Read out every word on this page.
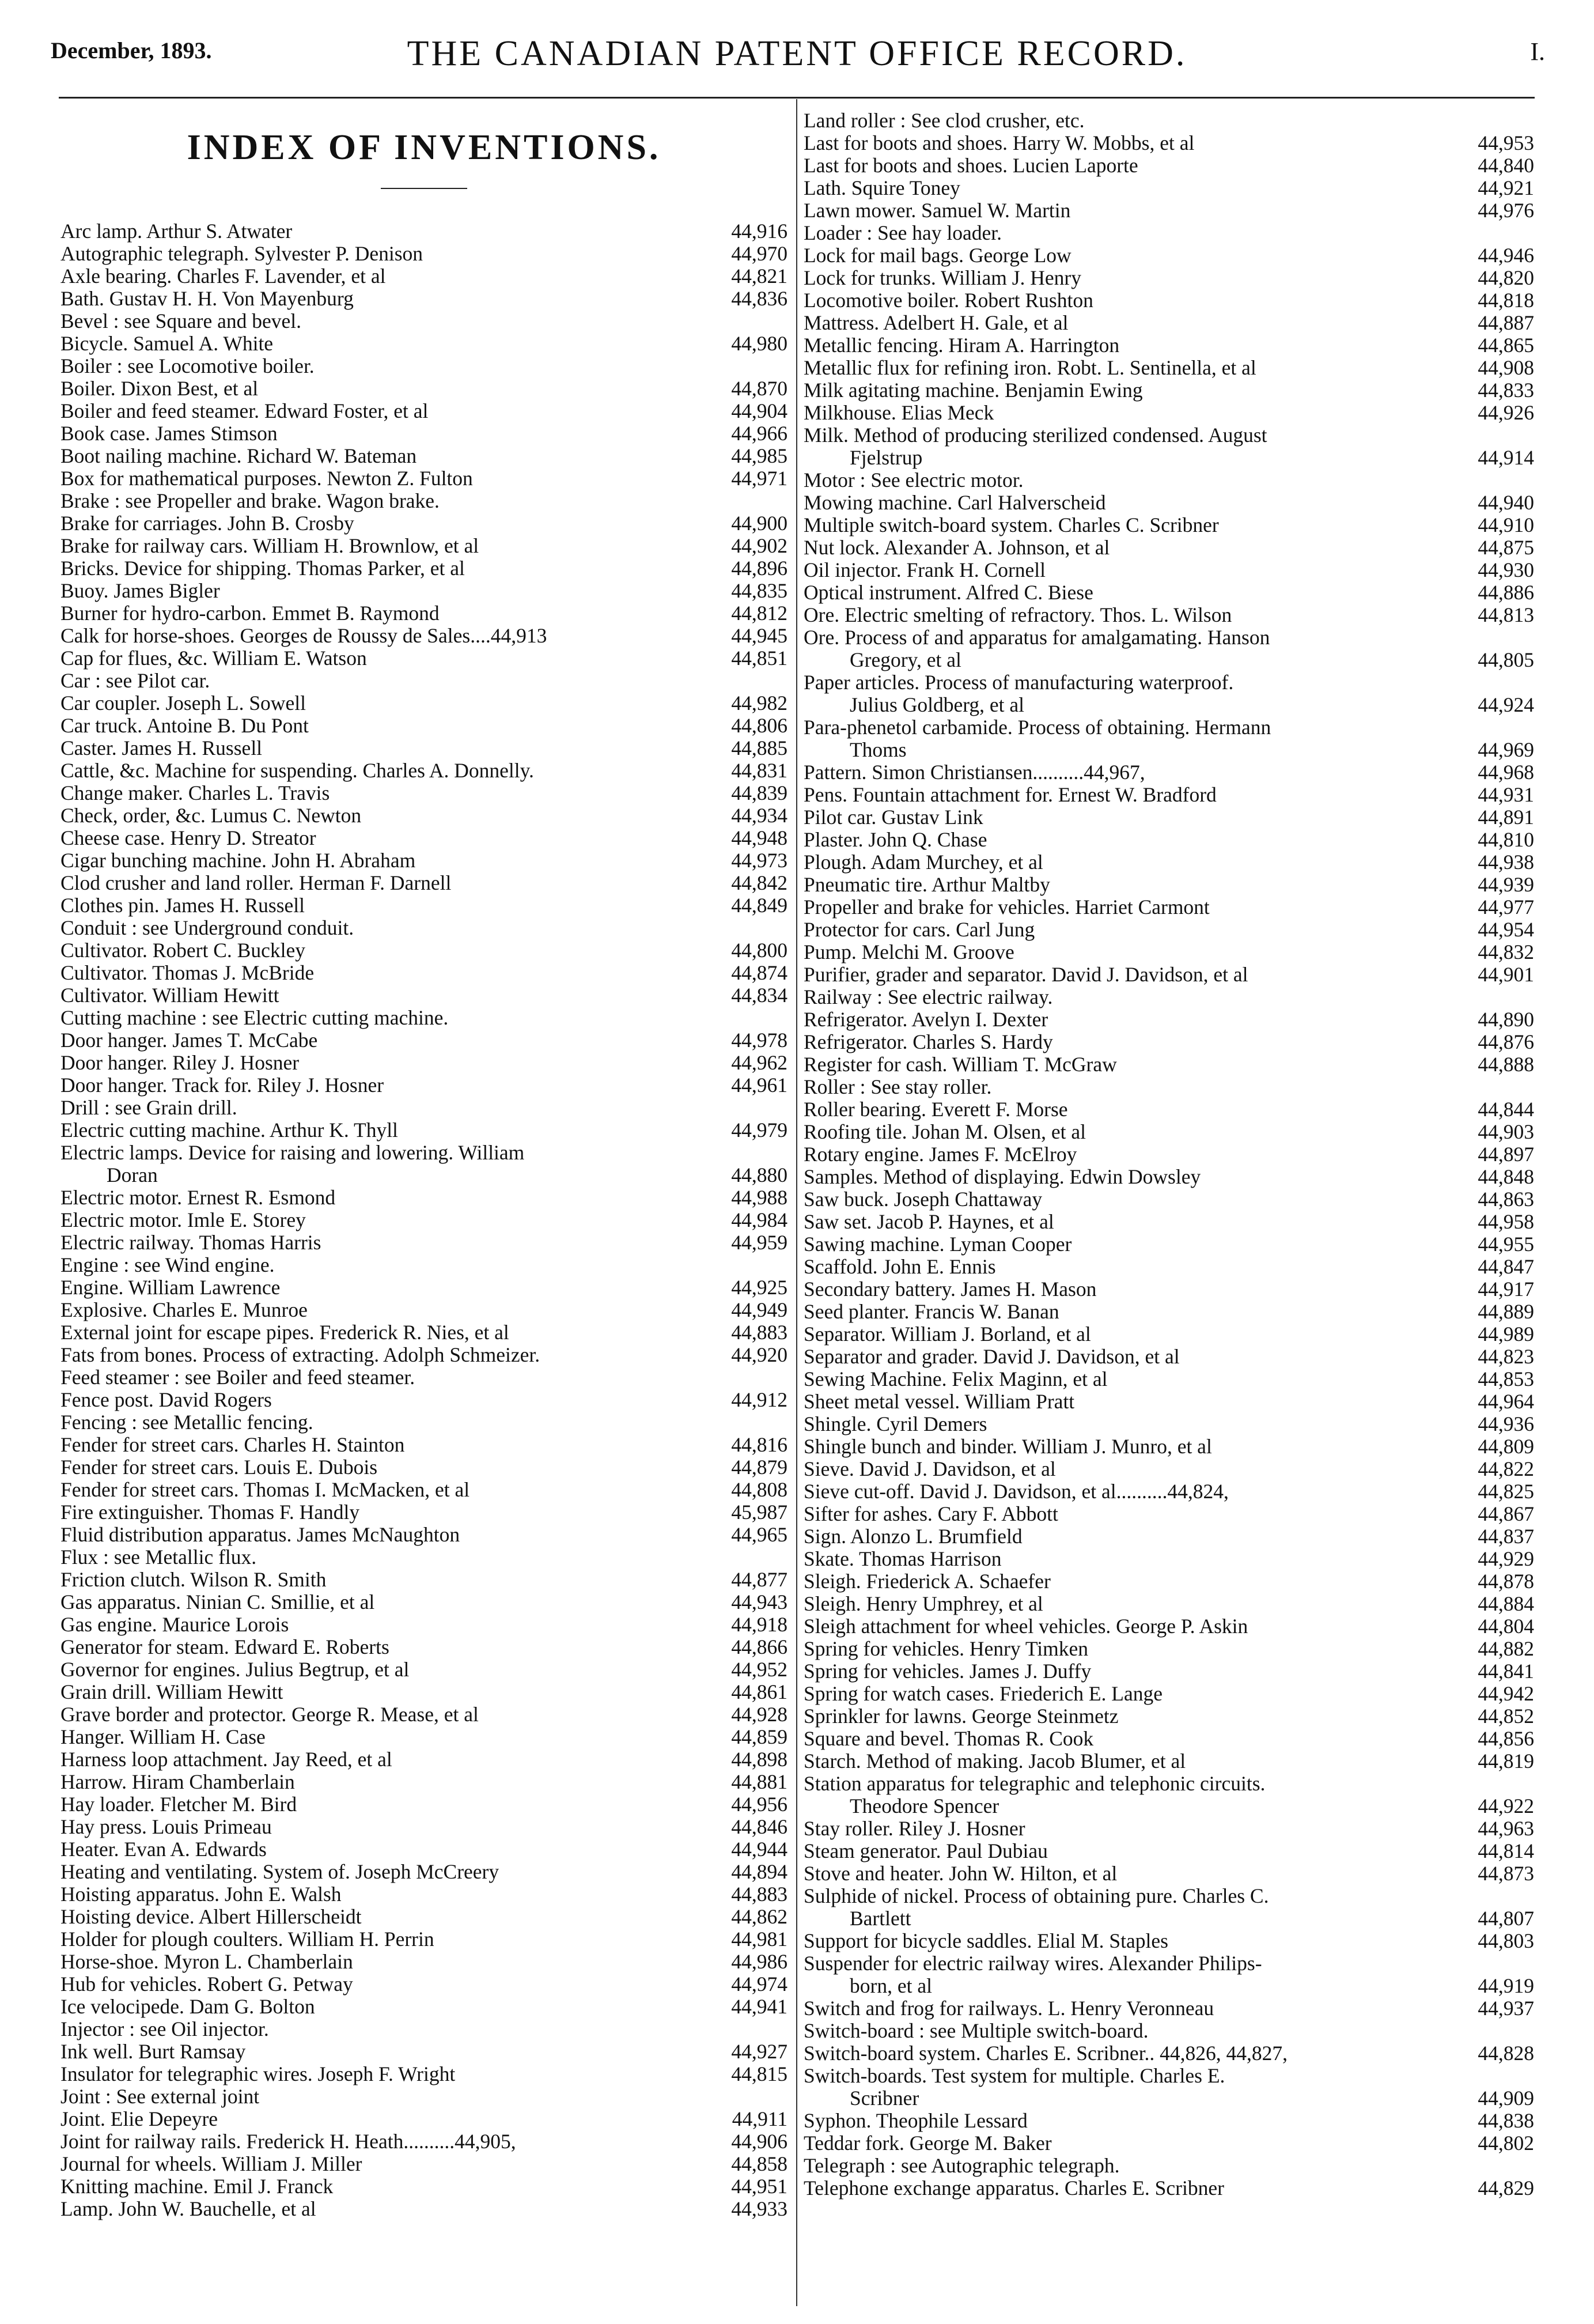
December, 1893.	THE CANADIAN PATENT OFFICE RECORD.	I.
INDEX OF INVENTIONS.
Arc lamp. Arthur S. Atwater	44,916
Autographic telegraph. Sylvester P. Denison	44,970
Axle bearing. Charles F. Lavender, et al	44,821
Bath. Gustav H. H. Von Mayenburg	44,836
Bevel : see Square and bevel.
Bicycle. Samuel A. White	44,980
Boiler : see Locomotive boiler.
Boiler. Dixon Best, et al	44,870
Boiler and feed steamer. Edward Foster, et al	44,904
Book case. James Stimson	44,966
Boot nailing machine. Richard W. Bateman	44,985
Box for mathematical purposes. Newton Z. Fulton	44,971
Brake : see Propeller and brake. Wagon brake.
Brake for carriages. John B. Crosby	44,900
Brake for railway cars. William H. Brownlow, et al	44,902
Bricks. Device for shipping. Thomas Parker, et al	44,896
Buoy. James Bigler	44,835
Burner for hydro-carbon. Emmet B. Raymond	44,812
Calk for horse-shoes. Georges de Roussy de Sales....44,913	44,945
Cap for flues, &c. William E. Watson	44,851
Car : see Pilot car.
Car coupler. Joseph L. Sowell	44,982
Car truck. Antoine B. Du Pont	44,806
Caster. James H. Russell	44,885
Cattle, &c. Machine for suspending. Charles A. Donnelly.	44,831
Change maker. Charles L. Travis	44,839
Check, order, &c. Lumus C. Newton	44,934
Cheese case. Henry D. Streator	44,948
Cigar bunching machine. John H. Abraham	44,973
Clod crusher and land roller. Herman F. Darnell	44,842
Clothes pin. James H. Russell	44,849
Conduit : see Underground conduit.
Cultivator. Robert C. Buckley	44,800
Cultivator. Thomas J. McBride	44,874
Cultivator. William Hewitt	44,834
Cutting machine : see Electric cutting machine.
Door hanger. James T. McCabe	44,978
Door hanger. Riley J. Hosner	44,962
Door hanger. Track for. Riley J. Hosner	44,961
Drill : see Grain drill.
Electric cutting machine. Arthur K. Thyll	44,979
Electric lamps. Device for raising and lowering. William
Doran	44,880
Electric motor. Ernest R. Esmond	44,988
Electric motor. Imle E. Storey	44,984
Electric railway. Thomas Harris	44,959
Engine : see Wind engine.
Engine. William Lawrence	44,925
Explosive. Charles E. Munroe	44,949
External joint for escape pipes. Frederick R. Nies, et al	44,883
Fats from bones. Process of extracting. Adolph Schmeizer.	44,920
Feed steamer : see Boiler and feed steamer.
Fence post. David Rogers	44,912
Fencing : see Metallic fencing.
Fender for street cars. Charles H. Stainton	44,816
Fender for street cars. Louis E. Dubois	44,879
Fender for street cars. Thomas I. McMacken, et al	44,808
Fire extinguisher. Thomas F. Handly	45,987
Fluid distribution apparatus. James McNaughton	44,965
Flux : see Metallic flux.
Friction clutch. Wilson R. Smith	44,877
Gas apparatus. Ninian C. Smillie, et al	44,943
Gas engine. Maurice Lorois	44,918
Generator for steam. Edward E. Roberts	44,866
Governor for engines. Julius Begtrup, et al	44,952
Grain drill. William Hewitt	44,861
Grave border and protector. George R. Mease, et al	44,928
Hanger. William H. Case	44,859
Harness loop attachment. Jay Reed, et al	44,898
Harrow. Hiram Chamberlain	44,881
Hay loader. Fletcher M. Bird	44,956
Hay press. Louis Primeau	44,846
Heater. Evan A. Edwards	44,944
Heating and ventilating. System of. Joseph McCreery	44,894
Hoisting apparatus. John E. Walsh	44,883
Hoisting device. Albert Hillerscheidt	44,862
Holder for plough coulters. William H. Perrin	44,981
Horse-shoe. Myron L. Chamberlain	44,986
Hub for vehicles. Robert G. Petway	44,974
Ice velocipede. Dam G. Bolton	44,941
Injector : see Oil injector.
Ink well. Burt Ramsay	44,927
Insulator for telegraphic wires. Joseph F. Wright	44,815
Joint : See external joint
Joint. Elie Depeyre	44,911
Joint for railway rails. Frederick H. Heath..........44,905,	44,906
Journal for wheels. William J. Miller	44,858
Knitting machine. Emil J. Franck	44,951
Lamp. John W. Bauchelle, et al	44,933
Land roller : See clod crusher, etc.
Last for boots and shoes. Harry W. Mobbs, et al	44,953
Last for boots and shoes. Lucien Laporte	44,840
Lath. Squire Toney	44,921
Lawn mower. Samuel W. Martin	44,976
Loader : See hay loader.
Lock for mail bags. George Low	44,946
Lock for trunks. William J. Henry	44,820
Locomotive boiler. Robert Rushton	44,818
Mattress. Adelbert H. Gale, et al	44,887
Metallic fencing. Hiram A. Harrington	44,865
Metallic flux for refining iron. Robt. L. Sentinella, et al	44,908
Milk agitating machine. Benjamin Ewing	44,833
Milkhouse. Elias Meck	44,926
Milk. Method of producing sterilized condensed. August
Fjelstrup	44,914
Motor : See electric motor.
Mowing machine. Carl Halverscheid	44,940
Multiple switch-board system. Charles C. Scribner	44,910
Nut lock. Alexander A. Johnson, et al	44,875
Oil injector. Frank H. Cornell	44,930
Optical instrument. Alfred C. Biese	44,886
Ore. Electric smelting of refractory. Thos. L. Wilson	44,813
Ore. Process of and apparatus for amalgamating. Hanson
Gregory, et al	44,805
Paper articles. Process of manufacturing waterproof.
Julius Goldberg, et al	44,924
Para-phenetol carbamide. Process of obtaining. Hermann
Thoms	44,969
Pattern. Simon Christiansen..........44,967,	44,968
Pens. Fountain attachment for. Ernest W. Bradford	44,931
Pilot car. Gustav Link	44,891
Plaster. John Q. Chase	44,810
Plough. Adam Murchey, et al	44,938
Pneumatic tire. Arthur Maltby	44,939
Propeller and brake for vehicles. Harriet Carmont	44,977
Protector for cars. Carl Jung	44,954
Pump. Melchi M. Groove	44,832
Purifier, grader and separator. David J. Davidson, et al	44,901
Railway : See electric railway.
Refrigerator. Avelyn I. Dexter	44,890
Refrigerator. Charles S. Hardy	44,876
Register for cash. William T. McGraw	44,888
Roller : See stay roller.
Roller bearing. Everett F. Morse	44,844
Roofing tile. Johan M. Olsen, et al	44,903
Rotary engine. James F. McElroy	44,897
Samples. Method of displaying. Edwin Dowsley	44,848
Saw buck. Joseph Chattaway	44,863
Saw set. Jacob P. Haynes, et al	44,958
Sawing machine. Lyman Cooper	44,955
Scaffold. John E. Ennis	44,847
Secondary battery. James H. Mason	44,917
Seed planter. Francis W. Banan	44,889
Separator. William J. Borland, et al	44,989
Separator and grader. David J. Davidson, et al	44,823
Sewing Machine. Felix Maginn, et al	44,853
Sheet metal vessel. William Pratt	44,964
Shingle. Cyril Demers	44,936
Shingle bunch and binder. William J. Munro, et al	44,809
Sieve. David J. Davidson, et al	44,822
Sieve cut-off. David J. Davidson, et al..........44,824,	44,825
Sifter for ashes. Cary F. Abbott	44,867
Sign. Alonzo L. Brumfield	44,837
Skate. Thomas Harrison	44,929
Sleigh. Friederick A. Schaefer	44,878
Sleigh. Henry Umphrey, et al	44,884
Sleigh attachment for wheel vehicles. George P. Askin	44,804
Spring for vehicles. Henry Timken	44,882
Spring for vehicles. James J. Duffy	44,841
Spring for watch cases. Friederich E. Lange	44,942
Sprinkler for lawns. George Steinmetz	44,852
Square and bevel. Thomas R. Cook	44,856
Starch. Method of making. Jacob Blumer, et al	44,819
Station apparatus for telegraphic and telephonic circuits.
Theodore Spencer	44,922
Stay roller. Riley J. Hosner	44,963
Steam generator. Paul Dubiau	44,814
Stove and heater. John W. Hilton, et al	44,873
Sulphide of nickel. Process of obtaining pure. Charles C.
Bartlett	44,807
Support for bicycle saddles. Elial M. Staples	44,803
Suspender for electric railway wires. Alexander Philips-
born, et al	44,919
Switch and frog for railways. L. Henry Veronneau	44,937
Switch-board : see Multiple switch-board.
Switch-board system. Charles E. Scribner.. 44,826, 44,827,	44,828
Switch-boards. Test system for multiple. Charles E.
Scribner	44,909
Syphon. Theophile Lessard	44,838
Teddar fork. George M. Baker	44,802
Telegraph : see Autographic telegraph.
Telephone exchange apparatus. Charles E. Scribner	44,829
